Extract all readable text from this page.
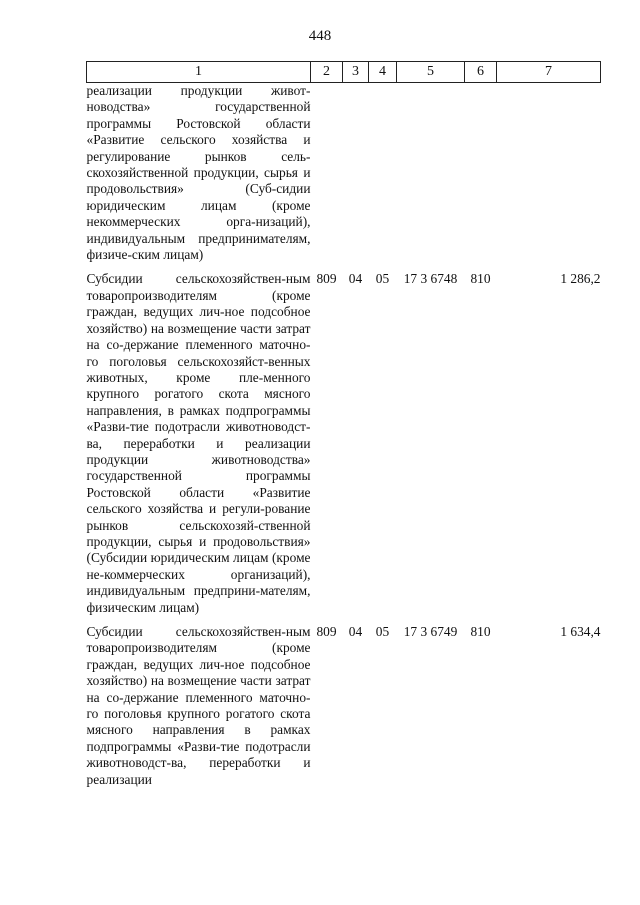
448
1	2	3	4	5	6	7
реализации продукции живот-новодства» государственной программы Ростовской области «Развитие сельского хозяйства и регулирование рынков сель-скохозяйственной продукции, сырья и продовольствия» (Суб-сидии юридическим лицам (кроме некоммерческих орга-низаций), индивидуальным предпринимателям, физиче-ским лицам)						

Субсидии сельскохозяйствен-ным товаропроизводителям (кроме граждан, ведущих лич-ное подсобное хозяйство) на возмещение части затрат на со-держание племенного маточно-го поголовья сельскохозяйст-венных животных, кроме пле-менного крупного рогатого скота мясного направления, в рамках подпрограммы «Разви-тие подотрасли животноводст-ва, переработки и реализации продукции животноводства» государственной программы Ростовской области «Развитие сельского хозяйства и регули-рование рынков сельскохозяй-ственной продукции, сырья и продовольствия» (Субсидии юридическим лицам (кроме не-коммерческих организаций), индивидуальным предприни-мателям, физическим лицам)	809	04	05	17 3 6748	810	1 286,2

Субсидии сельскохозяйствен-ным товаропроизводителям (кроме граждан, ведущих лич-ное подсобное хозяйство) на возмещение части затрат на со-держание племенного маточно-го поголовья крупного рогатого скота мясного направления в рамках подпрограммы «Разви-тие подотрасли животноводст-ва, переработки и реализации	809	04	05	17 3 6749	810	1 634,4
